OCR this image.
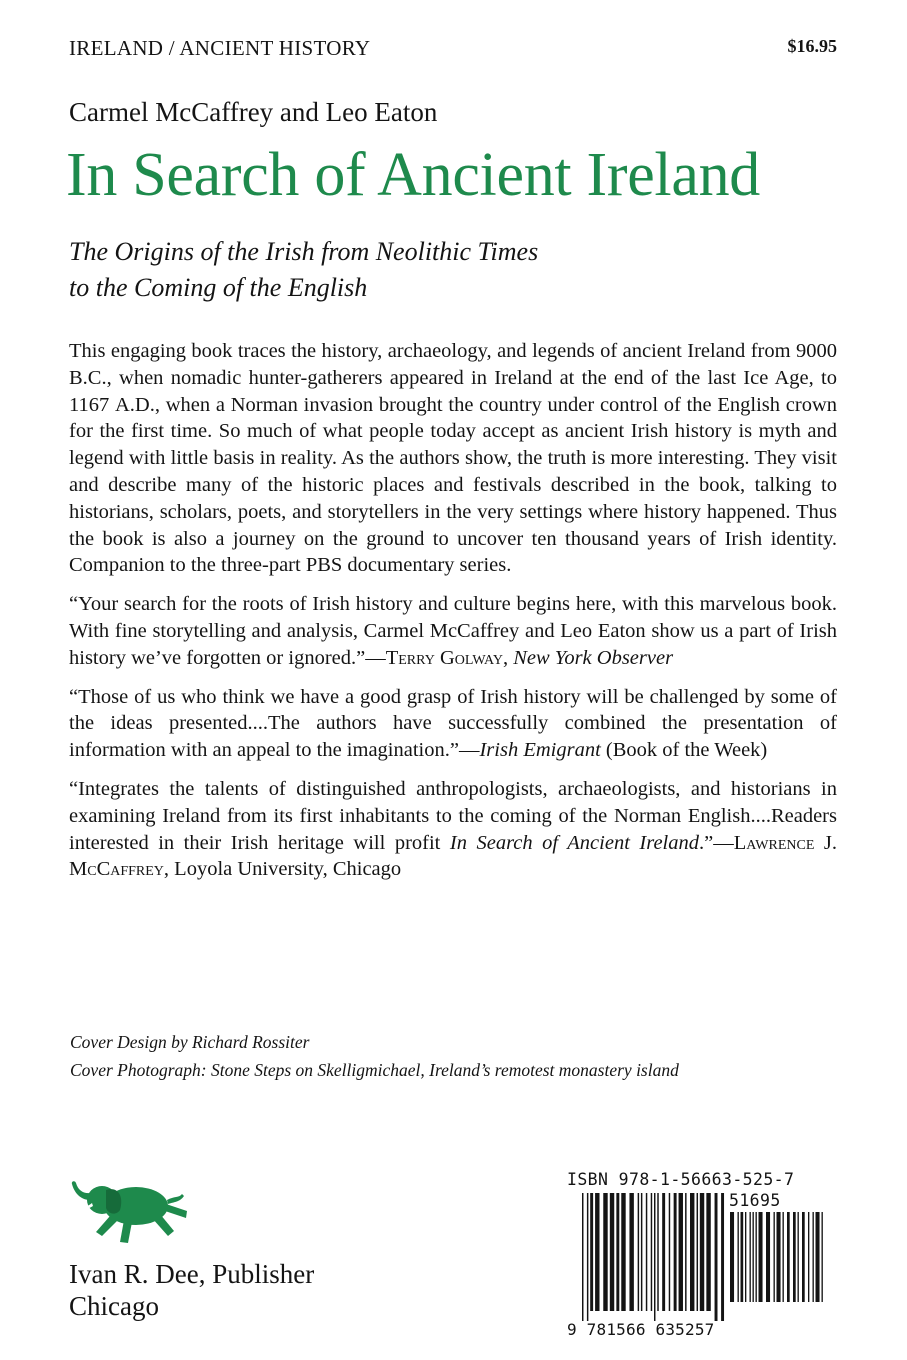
IRELAND / ANCIENT HISTORY	$16.95
Carmel McCaffrey and Leo Eaton
In Search of Ancient Ireland
The Origins of the Irish from Neolithic Times
to the Coming of the English

This engaging book traces the history, archaeology, and legends of ancient Ireland from 9000 B.C., when nomadic hunter-gatherers appeared in Ireland at the end of the last Ice Age, to 1167 A.D., when a Norman invasion brought the country under control of the English crown for the first time. So much of what people today accept as ancient Irish history is myth and legend with little basis in reality. As the authors show, the truth is more interesting. They visit and describe many of the historic places and festivals described in the book, talking to historians, scholars, poets, and storytellers in the very settings where history happened. Thus the book is also a journey on the ground to uncover ten thousand years of Irish identity. Companion to the three-part PBS documentary series.

“Your search for the roots of Irish history and culture begins here, with this marvelous book. With fine storytelling and analysis, Carmel McCaffrey and Leo Eaton show us a part of Irish history we’ve forgotten or ignored.”—Terry Golway, New York Observer

“Those of us who think we have a good grasp of Irish history will be challenged by some of the ideas presented....The authors have successfully combined the presentation of information with an appeal to the imagination.”—Irish Emigrant (Book of the Week)

“Integrates the talents of distinguished anthropologists, archaeologists, and historians in examining Ireland from its first inhabitants to the coming of the Norman English....Readers interested in their Irish heritage will profit In Search of Ancient Ireland.”—Lawrence J. McCaffrey, Loyola University, Chicago

Cover Design by Richard Rossiter
Cover Photograph: Stone Steps on Skelligmichael, Ireland’s remotest monastery island
Ivan R. Dee, Publisher
Chicago
ISBN 978-1-56663-525-7
51695
9 781566 635257
